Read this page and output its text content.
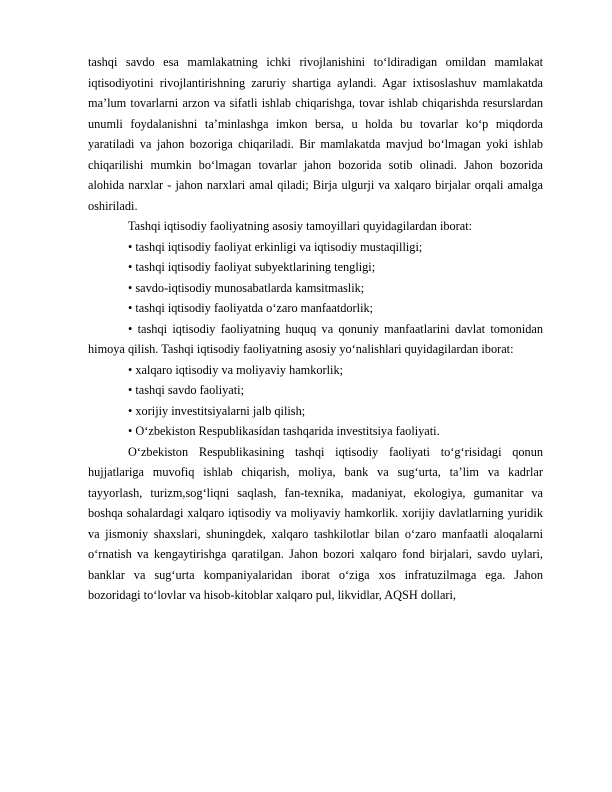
tashqi savdo esa mamlakatning ichki rivojlanishini to‘ldiradigan omildan mamlakat iqtisodiyotini rivojlantirishning zaruriy shartiga aylandi. Agar ixtisoslashuv mamlakatda ma’lum tovarlarni arzon va sifatli ishlab chiqarishga, tovar ishlab chiqarishda resurslardan unumli foydalanishni ta’minlashga imkon bersa, u holda bu tovarlar ko‘p miqdorda yaratiladi va jahon bozoriga chiqariladi. Bir mamlakatda mavjud bo‘lmagan yoki ishlab chiqarilishi mumkin bo‘lmagan tovarlar jahon bozorida sotib olinadi. Jahon bozorida alohida narxlar - jahon narxlari amal qiladi; Birja ulgurji va xalqaro birjalar orqali amalga oshiriladi.

Tashqi iqtisodiy faoliyatning asosiy tamoyillari quyidagilardan iborat:

• tashqi iqtisodiy faoliyat erkinligi va iqtisodiy mustaqilligi;

• tashqi iqtisodiy faoliyat subyektlarining tengligi;

• savdo-iqtisodiy munosabatlarda kamsitmaslik;

• tashqi iqtisodiy faoliyatda o‘zaro manfaatdorlik;

• tashqi iqtisodiy faoliyatning huquq va qonuniy manfaatlarini davlat tomonidan himoya qilish. Tashqi iqtisodiy faoliyatning asosiy yo‘nalishlari quyidagilardan iborat:

• xalqaro iqtisodiy va moliyaviy hamkorlik;

• tashqi savdo faoliyati;

• xorijiy investitsiyalarni jalb qilish;

• O‘zbekiston Respublikasidan tashqarida investitsiya faoliyati.

O‘zbekiston Respublikasining tashqi iqtisodiy faoliyati to‘g‘risidagi qonun hujjatlariga muvofiq ishlab chiqarish, moliya, bank va sug‘urta, ta’lim va kadrlar tayyorlash, turizm,sog‘liqni saqlash, fan-texnika, madaniyat, ekologiya, gumanitar va boshqa sohalardagi xalqaro iqtisodiy va moliyaviy hamkorlik. xorijiy davlatlarning yuridik va jismoniy shaxslari, shuningdek, xalqaro tashkilotlar bilan o‘zaro manfaatli aloqalarni o‘rnatish va kengaytirishga qaratilgan. Jahon bozori xalqaro fond birjalari, savdo uylari, banklar va sug‘urta kompaniyalaridan iborat o‘ziga xos infratuzilmaga ega. Jahon bozoridagi to‘lovlar va hisob-kitoblar xalqaro pul, likvidlar, AQSH dollari,
